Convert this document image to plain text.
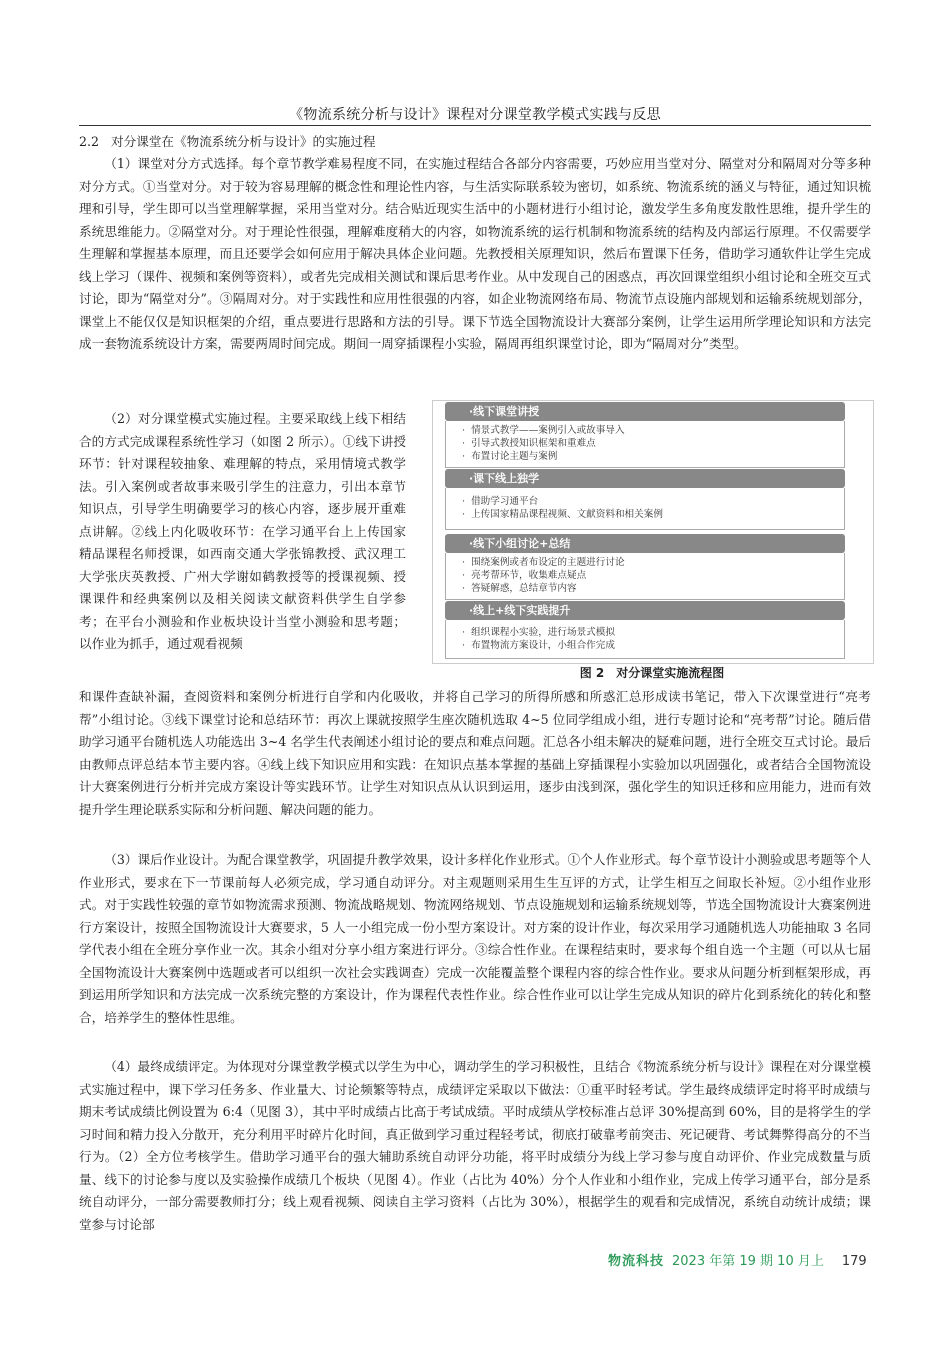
《物流系统分析与设计》课程对分课堂教学模式实践与反思
2.2 对分课堂在《物流系统分析与设计》的实施过程

（1）课堂对分方式选择。每个章节教学难易程度不同，在实施过程结合各部分内容需要，巧妙应用当堂对分、隔堂对分和隔周对分等多种对分方式。①当堂对分。对于较为容易理解的概念性和理论性内容，与生活实际联系较为密切，如系统、物流系统的涵义与特征，通过知识梳理和引导，学生即可以当堂理解掌握，采用当堂对分。结合贴近现实生活中的小题材进行小组讨论，激发学生多角度发散性思维，提升学生的系统思维能力。②隔堂对分。对于理论性很强，理解难度稍大的内容，如物流系统的运行机制和物流系统的结构及内部运行原理。不仅需要学生理解和掌握基本原理，而且还要学会如何应用于解决具体企业问题。先教授相关原理知识，然后布置课下任务，借助学习通软件让学生完成线上学习（课件、视频和案例等资料），或者先完成相关测试和课后思考作业。从中发现自己的困惑点，再次回课堂组织小组讨论和全班交互式讨论，即为“隔堂对分”。③隔周对分。对于实践性和应用性很强的内容，如企业物流网络布局、物流节点设施内部规划和运输系统规划部分，课堂上不能仅仅是知识框架的介绍，重点要进行思路和方法的引导。课下节选全国物流设计大赛部分案例，让学生运用所学理论知识和方法完成一套物流系统设计方案，需要两周时间完成。期间一周穿插课程小实验，隔周再组织课堂讨论，即为“隔周对分”类型。

（2）对分课堂模式实施过程。主要采取线上线下相结合的方式完成课程系统性学习（如图 2 所示）。①线下讲授环节：针对课程较抽象、难理解的特点，采用情境式教学法。引入案例或者故事来吸引学生的注意力，引出本章节知识点，引导学生明确要学习的核心内容，逐步展开重难点讲解。②线上内化吸收环节：在学习通平台上上传国家精品课程名师授课，如西南交通大学张锦教授、武汉理工大学张庆英教授、广州大学谢如鹤教授等的授课视频、授课课件和经典案例以及相关阅读文献资料供学生自学参考；在平台小测验和作业板块设计当堂小测验和思考题；以作业为抓手，通过观看视频

·线下课堂讲授
· 情景式教学——案例引入或故事导入
· 引导式教授知识框架和重难点
· 布置讨论主题与案例
·课下线上独学
· 借助学习通平台
· 上传国家精品课程视频、文献资料和相关案例
·线下小组讨论+总结
· 围绕案例或者布设定的主题进行讨论
· 亮考帮环节，收集难点疑点
· 答疑解惑，总结章节内容
·线上+线下实践提升
· 组织课程小实验，进行场景式模拟
· 布置物流方案设计，小组合作完成
图 2　对分课堂实施流程图

和课件查缺补漏，查阅资料和案例分析进行自学和内化吸收，并将自己学习的所得所感和所惑汇总形成读书笔记，带入下次课堂进行“亮考帮”小组讨论。③线下课堂讨论和总结环节：再次上课就按照学生座次随机选取 4~5 位同学组成小组，进行专题讨论和“亮考帮”讨论。随后借助学习通平台随机选人功能选出 3~4 名学生代表阐述小组讨论的要点和难点问题。汇总各小组未解决的疑难问题，进行全班交互式讨论。最后由教师点评总结本节主要内容。④线上线下知识应用和实践：在知识点基本掌握的基础上穿插课程小实验加以巩固强化，或者结合全国物流设计大赛案例进行分析并完成方案设计等实践环节。让学生对知识点从认识到运用，逐步由浅到深，强化学生的知识迁移和应用能力，进而有效提升学生理论联系实际和分析问题、解决问题的能力。

（3）课后作业设计。为配合课堂教学，巩固提升教学效果，设计多样化作业形式。①个人作业形式。每个章节设计小测验或思考题等个人作业形式，要求在下一节课前每人必须完成，学习通自动评分。对主观题则采用生生互评的方式，让学生相互之间取长补短。②小组作业形式。对于实践性较强的章节如物流需求预测、物流战略规划、物流网络规划、节点设施规划和运输系统规划等，节选全国物流设计大赛案例进行方案设计，按照全国物流设计大赛要求，5 人一小组完成一份小型方案设计。对方案的设计作业，每次采用学习通随机选人功能抽取 3 名同学代表小组在全班分享作业一次。其余小组对分享小组方案进行评分。③综合性作业。在课程结束时，要求每个组自选一个主题（可以从七届全国物流设计大赛案例中选题或者可以组织一次社会实践调查）完成一次能覆盖整个课程内容的综合性作业。要求从问题分析到框架形成，再到运用所学知识和方法完成一次系统完整的方案设计，作为课程代表性作业。综合性作业可以让学生完成从知识的碎片化到系统化的转化和整合，培养学生的整体性思维。

（4）最终成绩评定。为体现对分课堂教学模式以学生为中心，调动学生的学习积极性，且结合《物流系统分析与设计》课程在对分课堂模式实施过程中，课下学习任务多、作业量大、讨论频繁等特点，成绩评定采取以下做法：①重平时轻考试。学生最终成绩评定时将平时成绩与期末考试成绩比例设置为 6:4（见图 3），其中平时成绩占比高于考试成绩。平时成绩从学校标准占总评 30%提高到 60%，目的是将学生的学习时间和精力投入分散开，充分利用平时碎片化时间，真正做到学习重过程轻考试，彻底打破靠考前突击、死记硬背、考试舞弊得高分的不当行为。（2）全方位考核学生。借助学习通平台的强大辅助系统自动评分功能，将平时成绩分为线上学习参与度自动评价、作业完成数量与质量、线下的讨论参与度以及实验操作成绩几个板块（见图 4）。作业（占比为 40%）分个人作业和小组作业，完成上传学习通平台，部分是系统自动评分，一部分需要教师打分；线上观看视频、阅读自主学习资料（占比为 30%），根据学生的观看和完成情况，系统自动统计成绩；课堂参与讨论部

物流科技 2023 年第 19 期 10 月上 179
